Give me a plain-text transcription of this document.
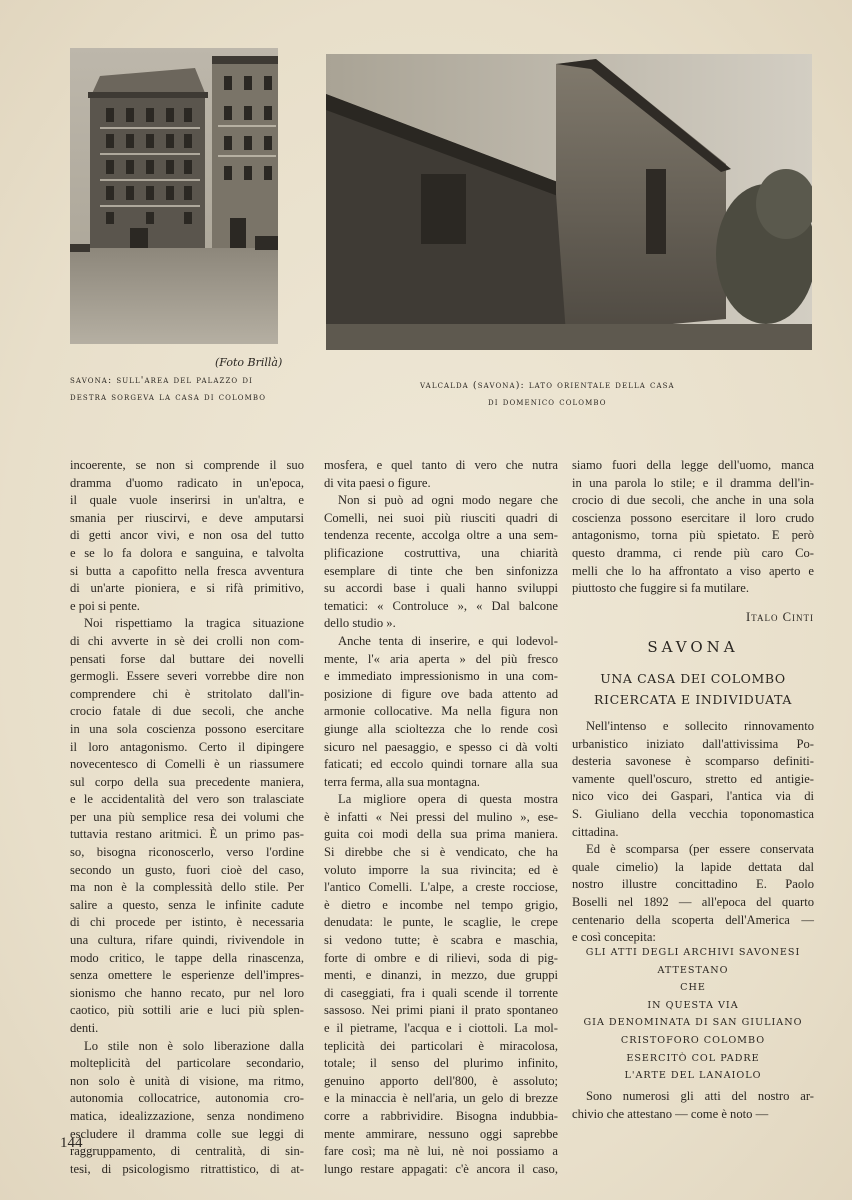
(Foto Brillà)
savona: sull'area del palazzo di
destra sorgeva la casa di colombo
valcalda (savona): lato orientale della casa
di domenico colombo
incoerente, se non si comprende il suo
dramma d'uomo radicato in un'epoca,
il quale vuole inserirsi in un'altra, e
smania per riuscirvi, e deve amputarsi
di getti ancor vivi, e non osa del tutto
e se lo fa dolora e sanguina, e talvolta
si butta a capofitto nella fresca avventura
di un'arte pioniera, e si rifà primitivo,
e poi si pente.
Noi rispettiamo la tragica situazione
di chi avverte in sè dei crolli non com-
pensati forse dal buttare dei novelli
germogli. Essere severi vorrebbe dire non
comprendere chi è stritolato dall'in-
crocio fatale di due secoli, che anche
in una sola coscienza possono esercitare
il loro antagonismo. Certo il dipingere
novecentesco di Comelli è un riassumere
sul corpo della sua precedente maniera,
e le accidentalità del vero son tralasciate
per una più semplice resa dei volumi che
tuttavia restano aritmici. È un primo pas-
so, bisogna riconoscerlo, verso l'ordine
secondo un gusto, fuori cioè del caso,
ma non è la complessità dello stile. Per
salire a questo, senza le infinite cadute
di chi procede per istinto, è necessaria
una cultura, rifare quindi, rivivendole in
modo critico, le tappe della rinascenza,
senza omettere le esperienze dell'impres-
sionismo che hanno recato, pur nel loro
caotico, più sottili arie e luci più splen-
denti.
Lo stile non è solo liberazione dalla
molteplicità del particolare secondario,
non solo è unità di visione, ma ritmo,
autonomia collocatrice, autonomia cro-
matica, idealizzazione, senza nondimeno
escludere il dramma colle sue leggi di
raggruppamento, di centralità, di sin-
tesi, di psicologismo ritrattistico, di at-
mosfera, e quel tanto di vero che nutra
di vita paesi o figure.
Non si può ad ogni modo negare che
Comelli, nei suoi più riusciti quadri di
tendenza recente, accolga oltre a una sem-
plificazione costruttiva, una chiarità
esemplare di tinte che ben sinfonizza
su accordi base i quali hanno sviluppi
tematici: « Controluce », « Dal balcone
dello studio ».
Anche tenta di inserire, e qui lodevol-
mente, l'« aria aperta » del più fresco
e immediato impressionismo in una com-
posizione di figure ove bada attento ad
armonie collocative. Ma nella figura non
giunge alla scioltezza che lo rende così
sicuro nel paesaggio, e spesso ci dà volti
faticati; ed eccolo quindi tornare alla sua
terra ferma, alla sua montagna.
La migliore opera di questa mostra
è infatti « Nei pressi del mulino », ese-
guita coi modi della sua prima maniera.
Si direbbe che si è vendicato, che ha
voluto imporre la sua rivincita; ed è
l'antico Comelli. L'alpe, a creste rocciose,
è dietro e incombe nel tempo grigio,
denudata: le punte, le scaglie, le crepe
si vedono tutte; è scabra e maschia,
forte di ombre e di rilievi, soda di pig-
menti, e dinanzi, in mezzo, due gruppi
di caseggiati, fra i quali scende il torrente
sassoso. Nei primi piani il prato spontaneo
e il pietrame, l'acqua e i ciottoli. La mol-
teplicità dei particolari è miracolosa,
totale; il senso del plurimo infinito,
genuino apporto dell'800, è assoluto;
e la minaccia è nell'aria, un gelo di brezze
corre a rabbrividire. Bisogna indubbia-
mente ammirare, nessuno oggi saprebbe
fare così; ma nè lui, nè noi possiamo a
lungo restare appagati: c'è ancora il caso,
siamo fuori della legge dell'uomo, manca
in una parola lo stile; e il dramma dell'in-
crocio di due secoli, che anche in una sola
coscienza possono esercitare il loro crudo
antagonismo, torna più spietato. E però
questo dramma, ci rende più caro Co-
melli che lo ha affrontato a viso aperto e
piuttosto che fuggire si fa mutilare.
Italo Cinti
SAVONA
UNA CASA DEI COLOMBO
RICERCATA E INDIVIDUATA
Nell'intenso e sollecito rinnovamento
urbanistico iniziato dall'attivissima Po-
desteria savonese è scomparso definiti-
vamente quell'oscuro, stretto ed antigie-
nico vico dei Gaspari, l'antica via di
S. Giuliano della vecchia toponomastica
cittadina.
Ed è scomparsa (per essere conservata
quale cimelio) la lapide dettata dal
nostro illustre concittadino E. Paolo
Boselli nel 1892 — all'epoca del quarto
centenario della scoperta dell'America —
e così concepita:
GLI ATTI DEGLI ARCHIVI SAVONESI
ATTESTANO
CHE
IN QUESTA VIA
GIA DENOMINATA DI SAN GIULIANO
CRISTOFORO COLOMBO
ESERCITÒ COL PADRE
L'ARTE DEL LANAIOLO
Sono numerosi gli atti del nostro ar-
chivio che attestano — come è noto —
144
